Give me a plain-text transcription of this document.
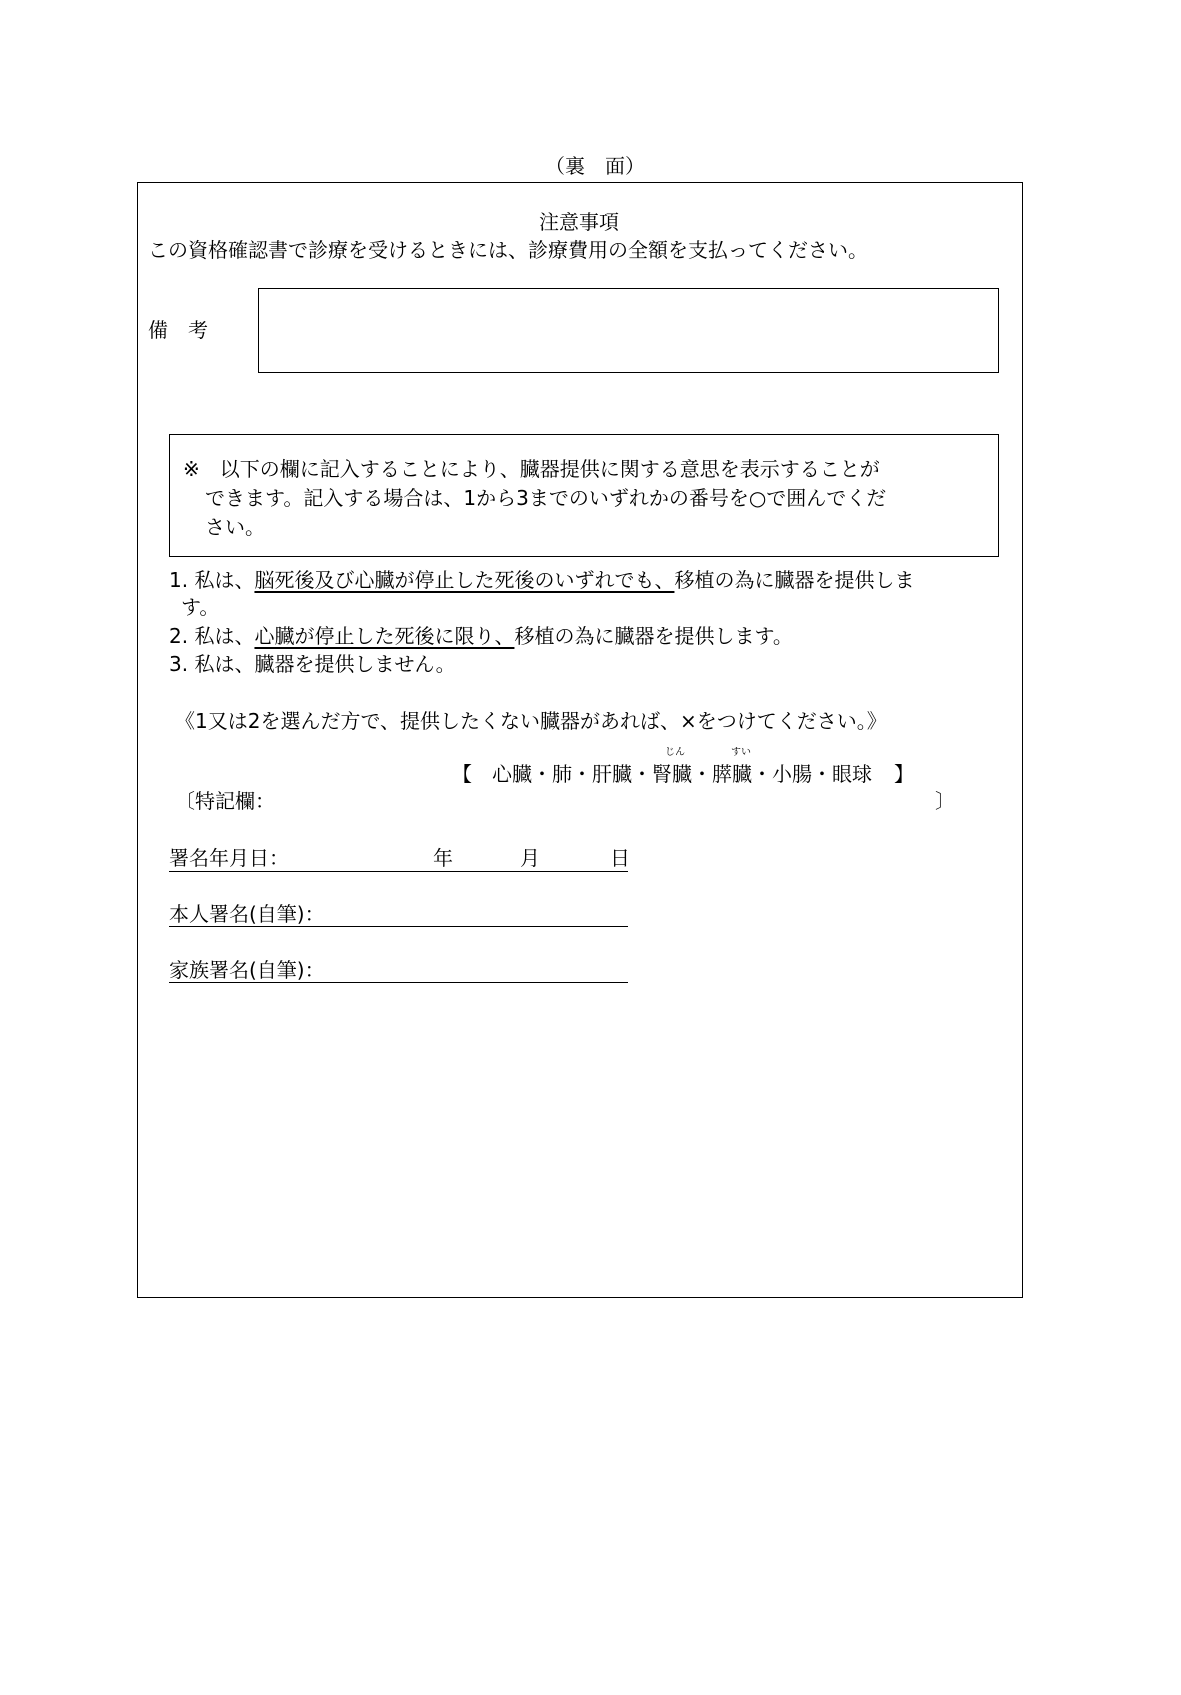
（裏　面）
注意事項
この資格確認書で診療を受けるときには、診療費用の全額を支払ってください。
備　考
※　以下の欄に記入することにより、臓器提供に関する意思を表示することが
できます。記入する場合は、1から3までのいずれかの番号を○で囲んでくだ
さい。
1. 私は、脳死後及び心臓が停止した死後のいずれでも、移植の為に臓器を提供しま
す。
2. 私は、心臓が停止した死後に限り、移植の為に臓器を提供します。
3. 私は、臓器を提供しません。
《1又は2を選んだ方で、提供したくない臓器があれば、×をつけてください。》
じん	すい
【 心臓・肺・肝臓・腎臓・膵臓・小腸・眼球 】
〔特記欄：	〕
署名年月日：	年	月	日
本人署名(自筆)：
家族署名(自筆)：
